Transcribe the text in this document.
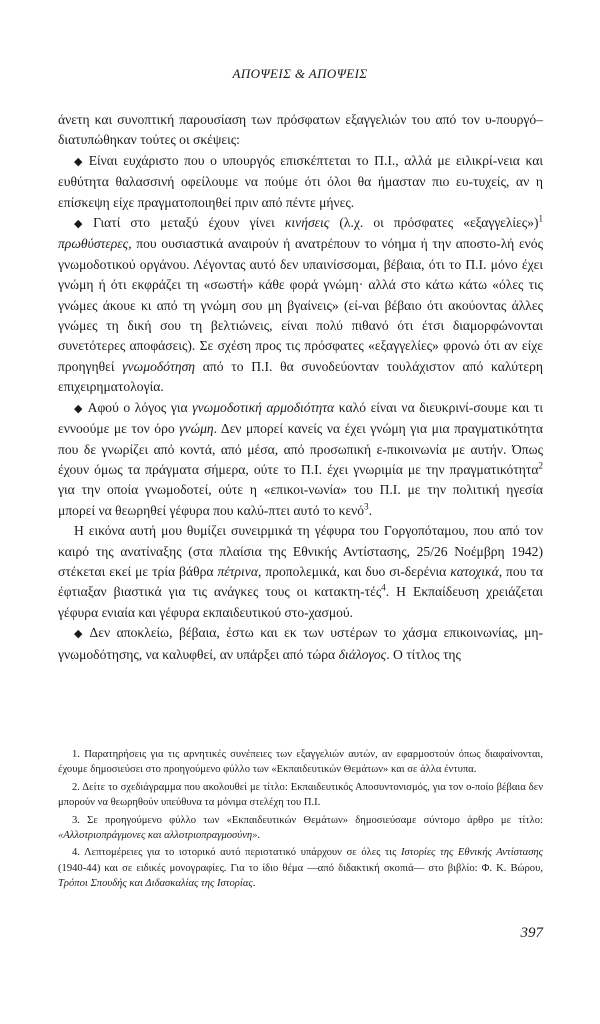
ΑΠΟΨΕΙΣ & ΑΠΟΨΕΙΣ

άνετη και συνοπτική παρουσίαση των πρόσφατων εξαγγελιών του από τον υ-πουργό– διατυπώθηκαν τούτες οι σκέψεις:

◆ Είναι ευχάριστο που ο υπουργός επισκέπτεται το Π.Ι., αλλά με ειλικρί-νεια και ευθύτητα θαλασσινή οφείλουμε να πούμε ότι όλοι θα ήμασταν πιο ευ-τυχείς, αν η επίσκεψη είχε πραγματοποιηθεί πριν από πέντε μήνες.

◆ Γιατί στο μεταξύ έχουν γίνει κινήσεις (λ.χ. οι πρόσφατες «εξαγγελίες»)$^1$ πρωθύστερες, που ουσιαστικά αναιρούν ή ανατρέπουν το νόημα ή την αποστο-λή ενός γνωμοδοτικού οργάνου. Λέγοντας αυτό δεν υπαινίσσομαι, βέβαια, ότι το Π.Ι. μόνο έχει γνώμη ή ότι εκφράζει τη «σωστή» κάθε φορά γνώμη· αλλά στο κάτω κάτω «όλες τις γνώμες άκουε κι από τη γνώμη σου μη βγαίνεις» (εί-ναι βέβαιο ότι ακούοντας άλλες γνώμες τη δική σου τη βελτιώνεις, είναι πολύ πιθανό ότι έτσι διαμορφώνονται συνετότερες αποφάσεις). Σε σχέση προς τις πρόσφατες «εξαγγελίες» φρονώ ότι αν είχε προηγηθεί γνωμοδότηση από το Π.Ι. θα συνοδεύονταν τουλάχιστον από καλύτερη επιχειρηματολογία.

◆ Αφού ο λόγος για γνωμοδοτική αρμοδιότητα καλό είναι να διευκρινί-σουμε και τι εννοούμε με τον όρο γνώμη. Δεν μπορεί κανείς να έχει γνώμη για μια πραγματικότητα που δε γνωρίζει από κοντά, από μέσα, από προσωπική ε-πικοινωνία με αυτήν. Όπως έχουν όμως τα πράγματα σήμερα, ούτε το Π.Ι. έχει γνωριμία με την πραγματικότητα$^2$ για την οποία γνωμοδοτεί, ούτε η «επικοι-νωνία» του Π.Ι. με την πολιτική ηγεσία μπορεί να θεωρηθεί γέφυρα που καλύ-πτει αυτό το κενό$^3$.

Η εικόνα αυτή μου θυμίζει συνειρμικά τη γέφυρα του Γοργοπόταμου, που από τον καιρό της ανατίναξης (στα πλαίσια της Εθνικής Αντίστασης, 25/26 Νοέμβρη 1942) στέκεται εκεί με τρία βάθρα πέτρινα, προπολεμικά, και δυο σι-δερένια κατοχικά, που τα έφτιαξαν βιαστικά για τις ανάγκες τους οι κατακτη-τές$^4$. Η Εκπαίδευση χρειάζεται γέφυρα ενιαία και γέφυρα εκπαιδευτικού στο-χασμού.

◆ Δεν αποκλείω, βέβαια, έστω και εκ των υστέρων το χάσμα επικοινωνίας, μη-γνωμοδότησης, να καλυφθεί, αν υπάρξει από τώρα διάλογος. Ο τίτλος της

1. Παρατηρήσεις για τις αρνητικές συνέπειες των εξαγγελιών αυτών, αν εφαρμοστούν όπως διαφαίνονται, έχουμε δημοσιεύσει στο προηγούμενο φύλλο των «Εκπαιδευτικών Θεμάτων» και σε άλλα έντυπα.

2. Δείτε το σχεδιάγραμμα που ακολουθεί με τίτλο: Εκπαιδευτικός Αποσυντονισμός, για τον ο-ποίο βέβαια δεν μπορούν να θεωρηθούν υπεύθυνα τα μόνιμα στελέχη του Π.Ι.

3. Σε προηγούμενο φύλλο των «Εκπαιδευτικών Θεμάτων» δημοσιεύσαμε σύντομο άρθρο με τίτλο: «Αλλοτριοπράγμονες και αλλοτριοπραγμοσύνη».

4. Λεπτομέρειες για το ιστορικό αυτό περιστατικό υπάρχουν σε όλες τις Ιστορίες της Εθνικής Αντίστασης (1940-44) και σε ειδικές μονογραφίες. Για το ίδιο θέμα —από διδακτική σκοπιά— στο βιβλίο: Φ. Κ. Βώρου, Τρόποι Σπουδής και Διδασκαλίας της Ιστορίας.

397
